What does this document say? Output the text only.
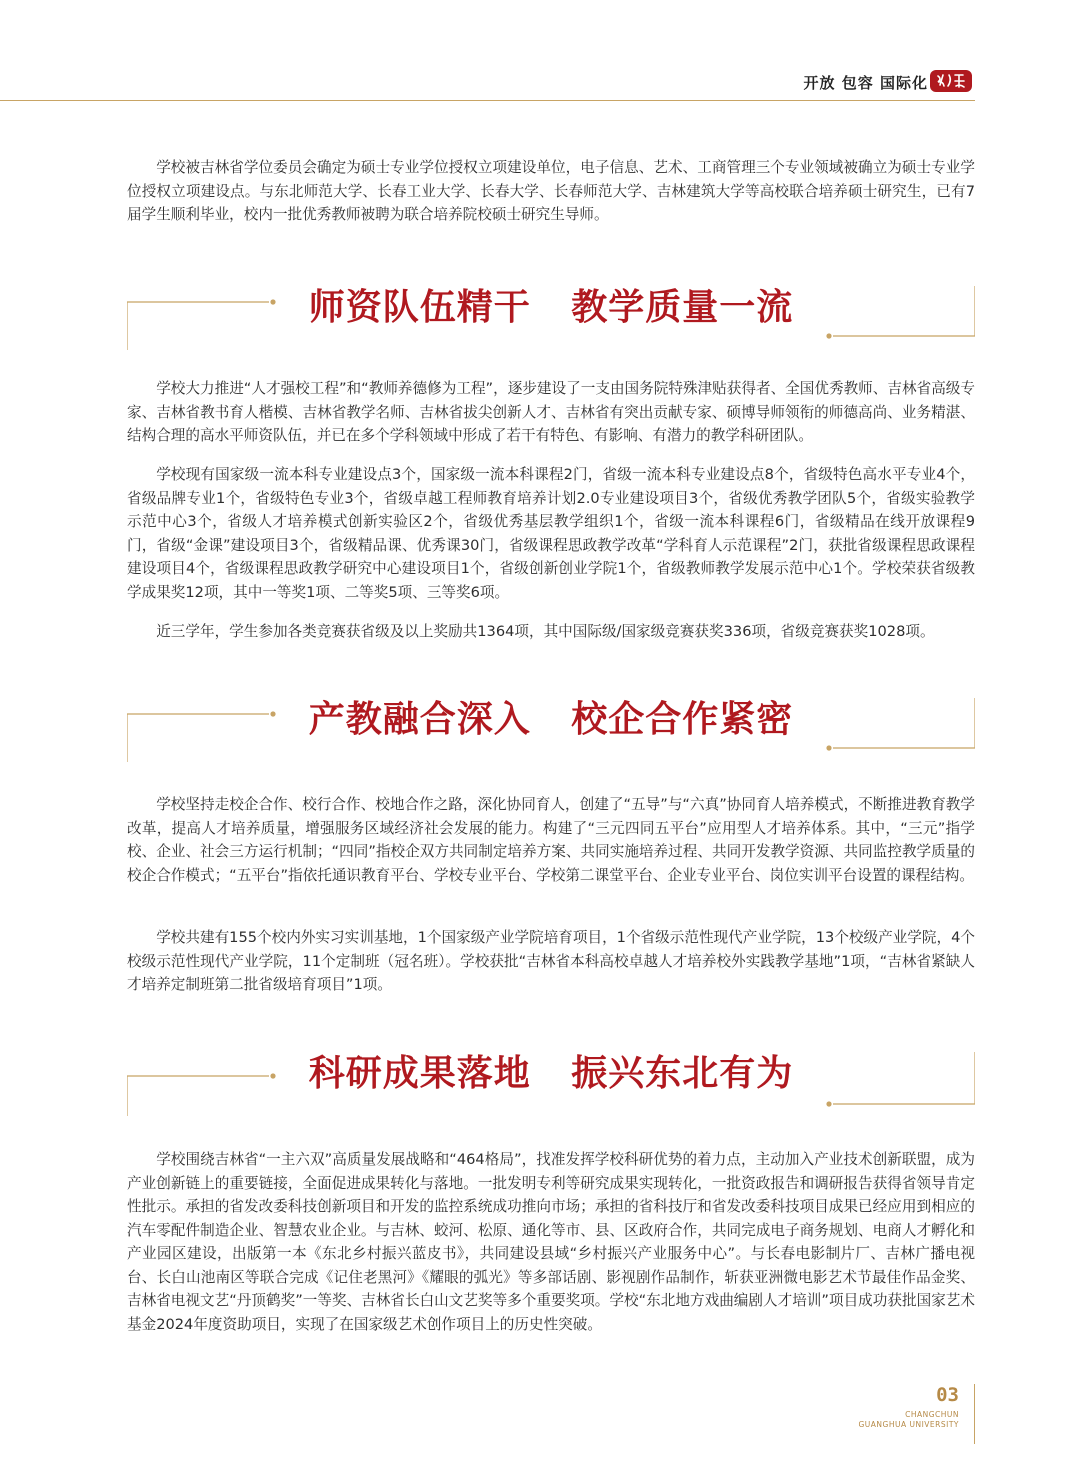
开放 包容 国际化

学校被吉林省学位委员会确定为硕士专业学位授权立项建设单位，电子信息、艺术、工商管理三个专业领域被确立为硕士专业学位授权立项建设点。与东北师范大学、长春工业大学、长春大学、长春师范大学、吉林建筑大学等高校联合培养硕士研究生，已有7届学生顺利毕业，校内一批优秀教师被聘为联合培养院校硕士研究生导师。

师资队伍精干   教学质量一流

学校大力推进“人才强校工程”和“教师养德修为工程”，逐步建设了一支由国务院特殊津贴获得者、全国优秀教师、吉林省高级专家、吉林省教书育人楷模、吉林省教学名师、吉林省拔尖创新人才、吉林省有突出贡献专家、硕博导师领衔的师德高尚、业务精湛、结构合理的高水平师资队伍，并已在多个学科领域中形成了若干有特色、有影响、有潜力的教学科研团队。

学校现有国家级一流本科专业建设点3个，国家级一流本科课程2门，省级一流本科专业建设点8个，省级特色高水平专业4个，省级品牌专业1个，省级特色专业3个，省级卓越工程师教育培养计划2.0专业建设项目3个，省级优秀教学团队5个，省级实验教学示范中心3个，省级人才培养模式创新实验区2个，省级优秀基层教学组织1个，省级一流本科课程6门，省级精品在线开放课程9门，省级“金课”建设项目3个，省级精品课、优秀课30门，省级课程思政教学改革“学科育人示范课程”2门，获批省级课程思政课程建设项目4个，省级课程思政教学研究中心建设项目1个，省级创新创业学院1个，省级教师教学发展示范中心1个。学校荣获省级教学成果奖12项，其中一等奖1项、二等奖5项、三等奖6项。

近三学年，学生参加各类竞赛获省级及以上奖励共1364项，其中国际级/国家级竞赛获奖336项，省级竞赛获奖1028项。

产教融合深入   校企合作紧密

学校坚持走校企合作、校行合作、校地合作之路，深化协同育人，创建了“五导”与“六真”协同育人培养模式，不断推进教育教学改革，提高人才培养质量，增强服务区域经济社会发展的能力。构建了“三元四同五平台”应用型人才培养体系。其中，“三元”指学校、企业、社会三方运行机制；“四同”指校企双方共同制定培养方案、共同实施培养过程、共同开发教学资源、共同监控教学质量的校企合作模式；“五平台”指依托通识教育平台、学校专业平台、学校第二课堂平台、企业专业平台、岗位实训平台设置的课程结构。

学校共建有155个校内外实习实训基地，1个国家级产业学院培育项目，1个省级示范性现代产业学院，13个校级产业学院，4个校级示范性现代产业学院，11个定制班（冠名班）。学校获批“吉林省本科高校卓越人才培养校外实践教学基地”1项，“吉林省紧缺人才培养定制班第二批省级培育项目”1项。

科研成果落地   振兴东北有为

学校围绕吉林省“一主六双”高质量发展战略和“464格局”，找准发挥学校科研优势的着力点，主动加入产业技术创新联盟，成为产业创新链上的重要链接，全面促进成果转化与落地。一批发明专利等研究成果实现转化，一批资政报告和调研报告获得省领导肯定性批示。承担的省发改委科技创新项目和开发的监控系统成功推向市场；承担的省科技厅和省发改委科技项目成果已经应用到相应的汽车零配件制造企业、智慧农业企业。与吉林、蛟河、松原、通化等市、县、区政府合作，共同完成电子商务规划、电商人才孵化和产业园区建设，出版第一本《东北乡村振兴蓝皮书》，共同建设县域“乡村振兴产业服务中心”。与长春电影制片厂、吉林广播电视台、长白山池南区等联合完成《记住老黑河》《耀眼的弧光》等多部话剧、影视剧作品制作，斩获亚洲微电影艺术节最佳作品金奖、吉林省电视文艺“丹顶鹤奖”一等奖、吉林省长白山文艺奖等多个重要奖项。学校“东北地方戏曲编剧人才培训”项目成功获批国家艺术基金2024年度资助项目，实现了在国家级艺术创作项目上的历史性突破。

03
CHANGCHUN
GUANGHUA UNIVERSITY
